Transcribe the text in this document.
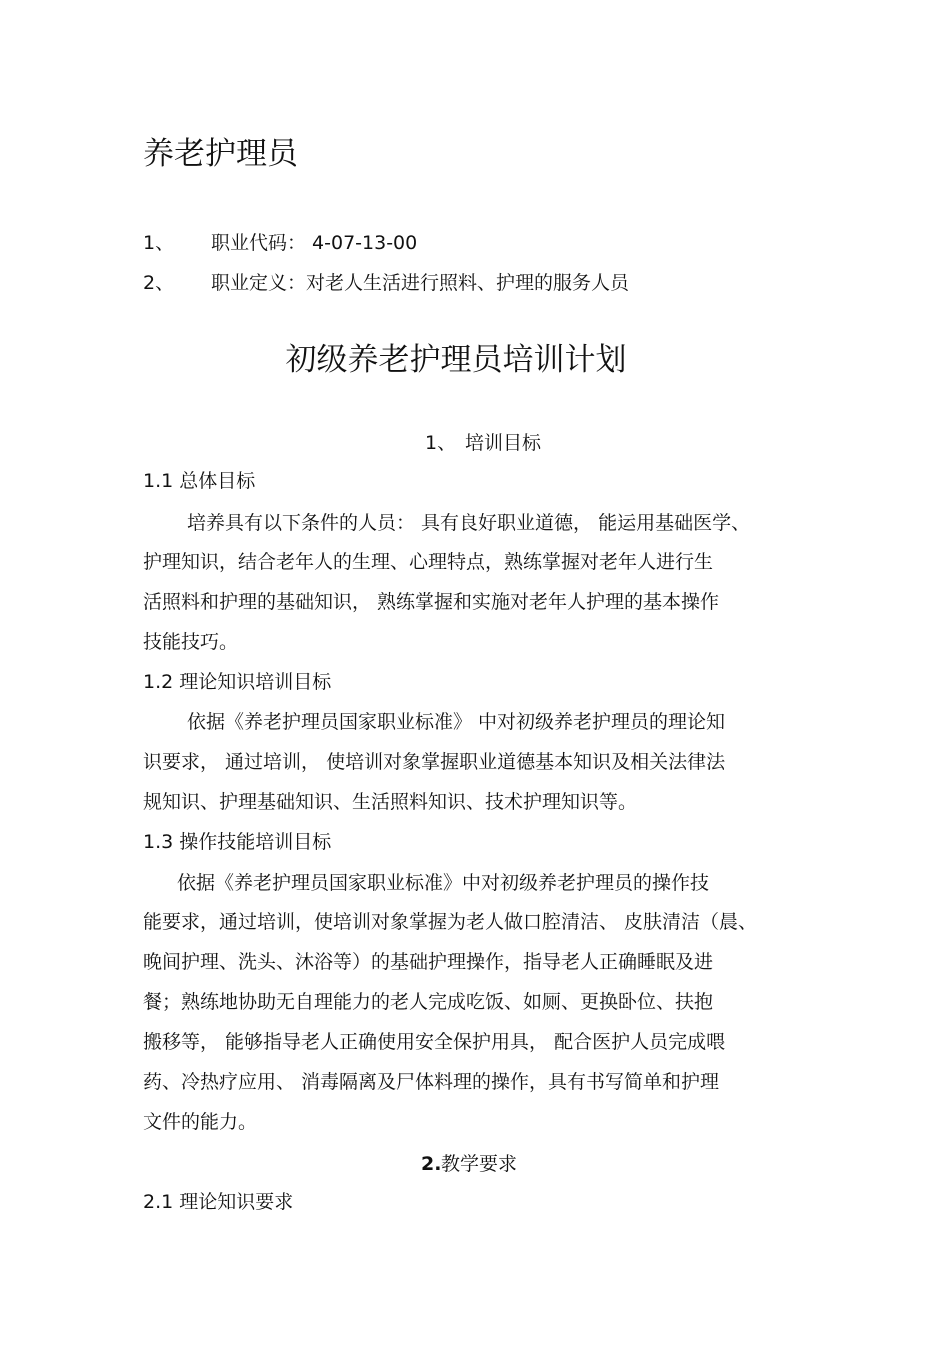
养老护理员
1、 职业代码： 4-07-13-00
2、 职业定义：对老人生活进行照料、护理的服务人员
初级养老护理员培训计划
1、 培训目标
1.1 总体目标
培养具有以下条件的人员： 具有良好职业道德， 能运用基础医学、
护理知识，结合老年人的生理、心理特点，熟练掌握对老年人进行生
活照料和护理的基础知识， 熟练掌握和实施对老年人护理的基本操作
技能技巧。
1.2 理论知识培训目标
依据《养老护理员国家职业标准》 中对初级养老护理员的理论知
识要求， 通过培训， 使培训对象掌握职业道德基本知识及相关法律法
规知识、护理基础知识、生活照料知识、技术护理知识等。
1.3 操作技能培训目标
依据《养老护理员国家职业标准》中对初级养老护理员的操作技
能要求，通过培训，使培训对象掌握为老人做口腔清洁、 皮肤清洁（晨、
晚间护理、洗头、沐浴等）的基础护理操作，指导老人正确睡眠及进
餐；熟练地协助无自理能力的老人完成吃饭、如厕、更换卧位、扶抱
搬移等， 能够指导老人正确使用安全保护用具， 配合医护人员完成喂
药、冷热疗应用、 消毒隔离及尸体料理的操作，具有书写简单和护理
文件的能力。
2. 教学要求
2.1 理论知识要求
